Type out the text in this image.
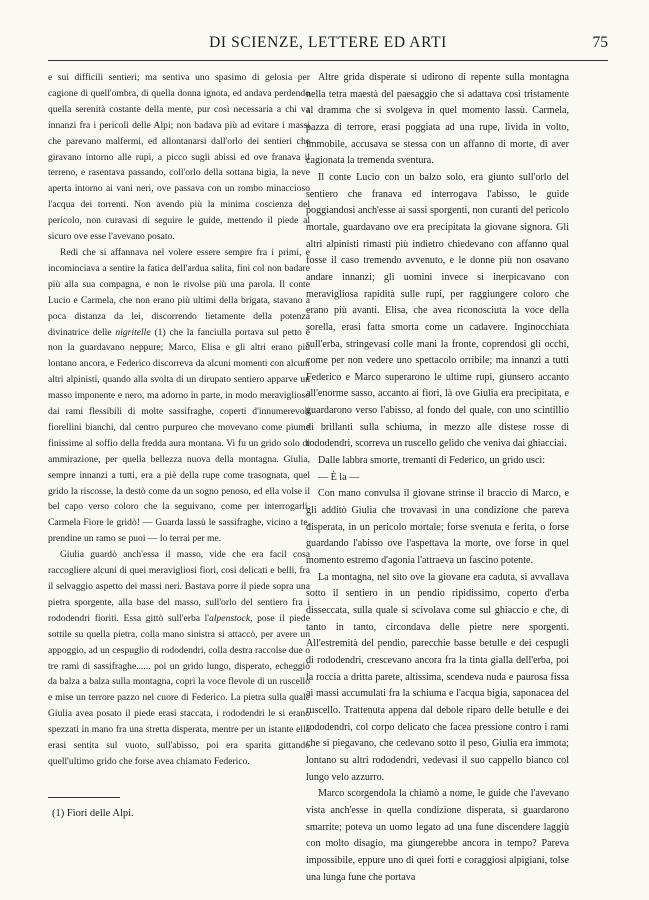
DI SCIENZE, LETTERE ED ARTI	75

e sui difficili sentieri; ma sentiva uno spasimo di gelosia per cagione di quell'ombra, di quella donna ignota, ed andava perdendo quella serenità costante della mente, pur così necessaria a chi va innanzi fra i pericoli delle Alpi; non badava più ad evitare i massi che parevano malfermi, ed allontanarsi dall'orlo dei sentieri che giravano intorno alle rupi, a picco sugli abissi ed ove franava il terreno, e rasentava passando, coll'orlo della sottana bigia, la neve aperta intorno ai vani neri, ove passava con un rombo minaccioso l'acqua dei torrenti. Non avendo più la minima coscienza del pericolo, non curavasi di seguire le guide, mettendo il piede al sicuro ove esse l'avevano posato.

Redi che si affannava nel volere essere sempre fra i primi, e incominciava a sentire la fatica dell'ardua salita, finì col non badare più alla sua compagna, e non le rivolse più una parola. Il conte Lucio e Carmela, che non erano più ultimi della brigata, stavano a poca distanza da lei, discorrendo lietamente della potenza divinatrice delle nigritelle (1) che la fanciulla portava sul petto e non la guardavano neppure; Marco, Elisa e gli altri erano più lontano ancora, e Federico discorreva da alcuni momenti con alcuni altri alpinisti, quando alla svolta di un dirupato sentiero apparve un masso imponente e nero, ma adorno in parte, in modo meraviglioso dai rami flessibili di molte sassifraghe, coperti d'innumerevoli fiorellini bianchi, dal centro purpureo che movevano come piume finissime al soffio della fredda aura montana. Vi fu un grido solo di ammirazione, per quella bellezza nuova della montagna. Giulia, sempre innanzi a tutti, era a piè della rupe come trasognata, quel grido la riscosse, la destò come da un sogno penoso, ed ella volse il bel capo verso coloro che la seguivano, come per interrogarli. Carmela Fiore le gridò! — Guarda lassù le sassifraghe, vicino a te, prendine un ramo se puoi — lo terrai per me.

Giulia guardò anch'essa il masso, vide che era facil cosa raccogliere alcuni di quei meravigliosi fiori, così delicati e belli, fra il selvaggio aspetto dei massi neri. Bastava porre il piede sopra una pietra sporgente, alla base del masso, sull'orlo del sentiero fra i rododendri fioriti. Essa gittò sull'erba l'alpenstock, pose il piede sottile su quella pietra, colla mano sinistra si attaccò, per avere un appoggio, ad un cespuglio di rododendri, colla destra raccolse due o tre rami di sassifraghe...... poi un grido lungo, disperato, echeggiò da balza a balza sulla montagna, coprì la voce flevole di un ruscello e mise un terrore pazzo nel cuore di Federico. La pietra sulla quale Giulia avea posato il piede erasi staccata, i rododendri le si erano spezzati in mano fra una stretta disperata, mentre per un istante ella erasi sentita sul vuoto, sull'abisso, poi era sparita gittando quell'ultimo grido che forse avea chiamato Federico.

Altre grida disperate si udirono di repente sulla montagna nella tetra maestà del paesaggio che si adattava così tristamente al dramma che si svolgeva in quel momento lassù. Carmela, pazza di terrore, erasi poggiata ad una rupe, livida in volto, immobile, accusava se stessa con un affanno di morte, di aver cagionata la tremenda sventura.

Il conte Lucio con un balzo solo, era giunto sull'orlo del sentiero che franava ed interrogava l'abisso, le guide poggiandosi anch'esse ai sassi sporgenti, non curanti del pericolo mortale, guardavano ove era precipitata la giovane signora. Gli altri alpinisti rimasti più indietro chiedevano con affanno qual fosse il caso tremendo avvenuto, e le donne più non osavano andare innanzi; gli uomini invece si inerpicavano con meravigliosa rapidità sulle rupi, per raggiungere coloro che erano più avanti. Elisa, che avea riconosciuta la voce della sorella, erasi fatta smorta come un cadavere. Inginocchiata sull'erba, stringevasi colle mani la fronte, coprendosi gli occhi, come per non vedere uno spettacolo orribile; ma innanzi a tutti Federico e Marco superarono le ultime rupi, giunsero accanto all'enorme sasso, accanto ai fiori, là ove Giulia era precipitata, e guardarono verso l'abisso, al fondo del quale, con uno scintillio di brillanti sulla schiuma, in mezzo alle distese rosse di rododendri, scorreva un ruscello gelido che veniva dai ghiacciai.

Dalle labbra smorte, tremanti di Federico, un grido uscì:

— È la —

Con mano convulsa il giovane strinse il braccio di Marco, e gli additò Giulia che trovavasi in una condizione che pareva disperata, in un pericolo mortale; forse svenuta e ferita, o forse guardando l'abisso ove l'aspettava la morte, ove forse in quel momento estremo d'agonia l'attraeva un fascino potente.

La montagna, nel sito ove la giovane era caduta, si avvallava sotto il sentiero in un pendio ripidissimo, coperto d'erba disseccata, sulla quale si scivolava come sul ghiaccio e che, di tanto in tanto, circondava delle pietre nere sporgenti. All'estremità del pendio, parecchie basse betulle e dei cespugli di rododendri, crescevano ancora fra la tinta gialla dell'erba, poi la roccia a dritta parete, altissima, scendeva nuda e paurosa fissa ai massi accumulati fra la schiuma e l'acqua bigia, saponacea del ruscello. Trattenuta appena dal debole riparo delle betulle e dei rododendri, col corpo delicato che facea pressione contro i rami che si piegavano, che cedevano sotto il peso, Giulia era immota; lontano su altri rododendri, vedevasi il suo cappello bianco col lungo velo azzurro.

Marco scorgendola la chiamò a nome, le guide che l'avevano vista anch'esse in quella condizione disperata, si guardarono smarrite; poteva un uomo legato ad una fune discendere laggiù con molto disagio, ma giungerebbe ancora in tempo? Pareva impossibile, eppure uno di quei forti e coraggiosi alpigiani, tolse una lunga fune che portava

(1) Fiori delle Alpi.
